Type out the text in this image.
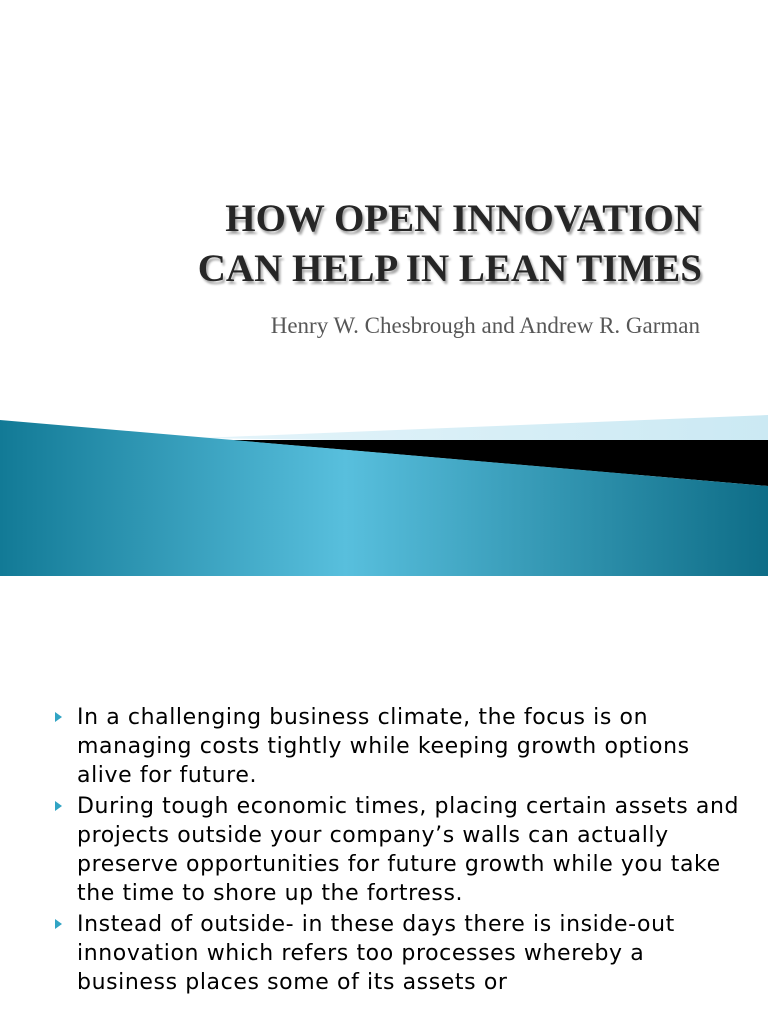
HOW OPEN INNOVATION
CAN HELP IN LEAN TIMES

Henry W. Chesbrough and Andrew R. Garman

In a challenging business climate, the focus is on managing costs tightly while keeping growth options alive for future.
During tough economic times, placing certain assets and projects outside your company’s walls can actually preserve opportunities for future growth while you take the time to shore up the fortress.
Instead of outside- in these days there is inside-out innovation which refers too processes whereby a business places some of its assets or
